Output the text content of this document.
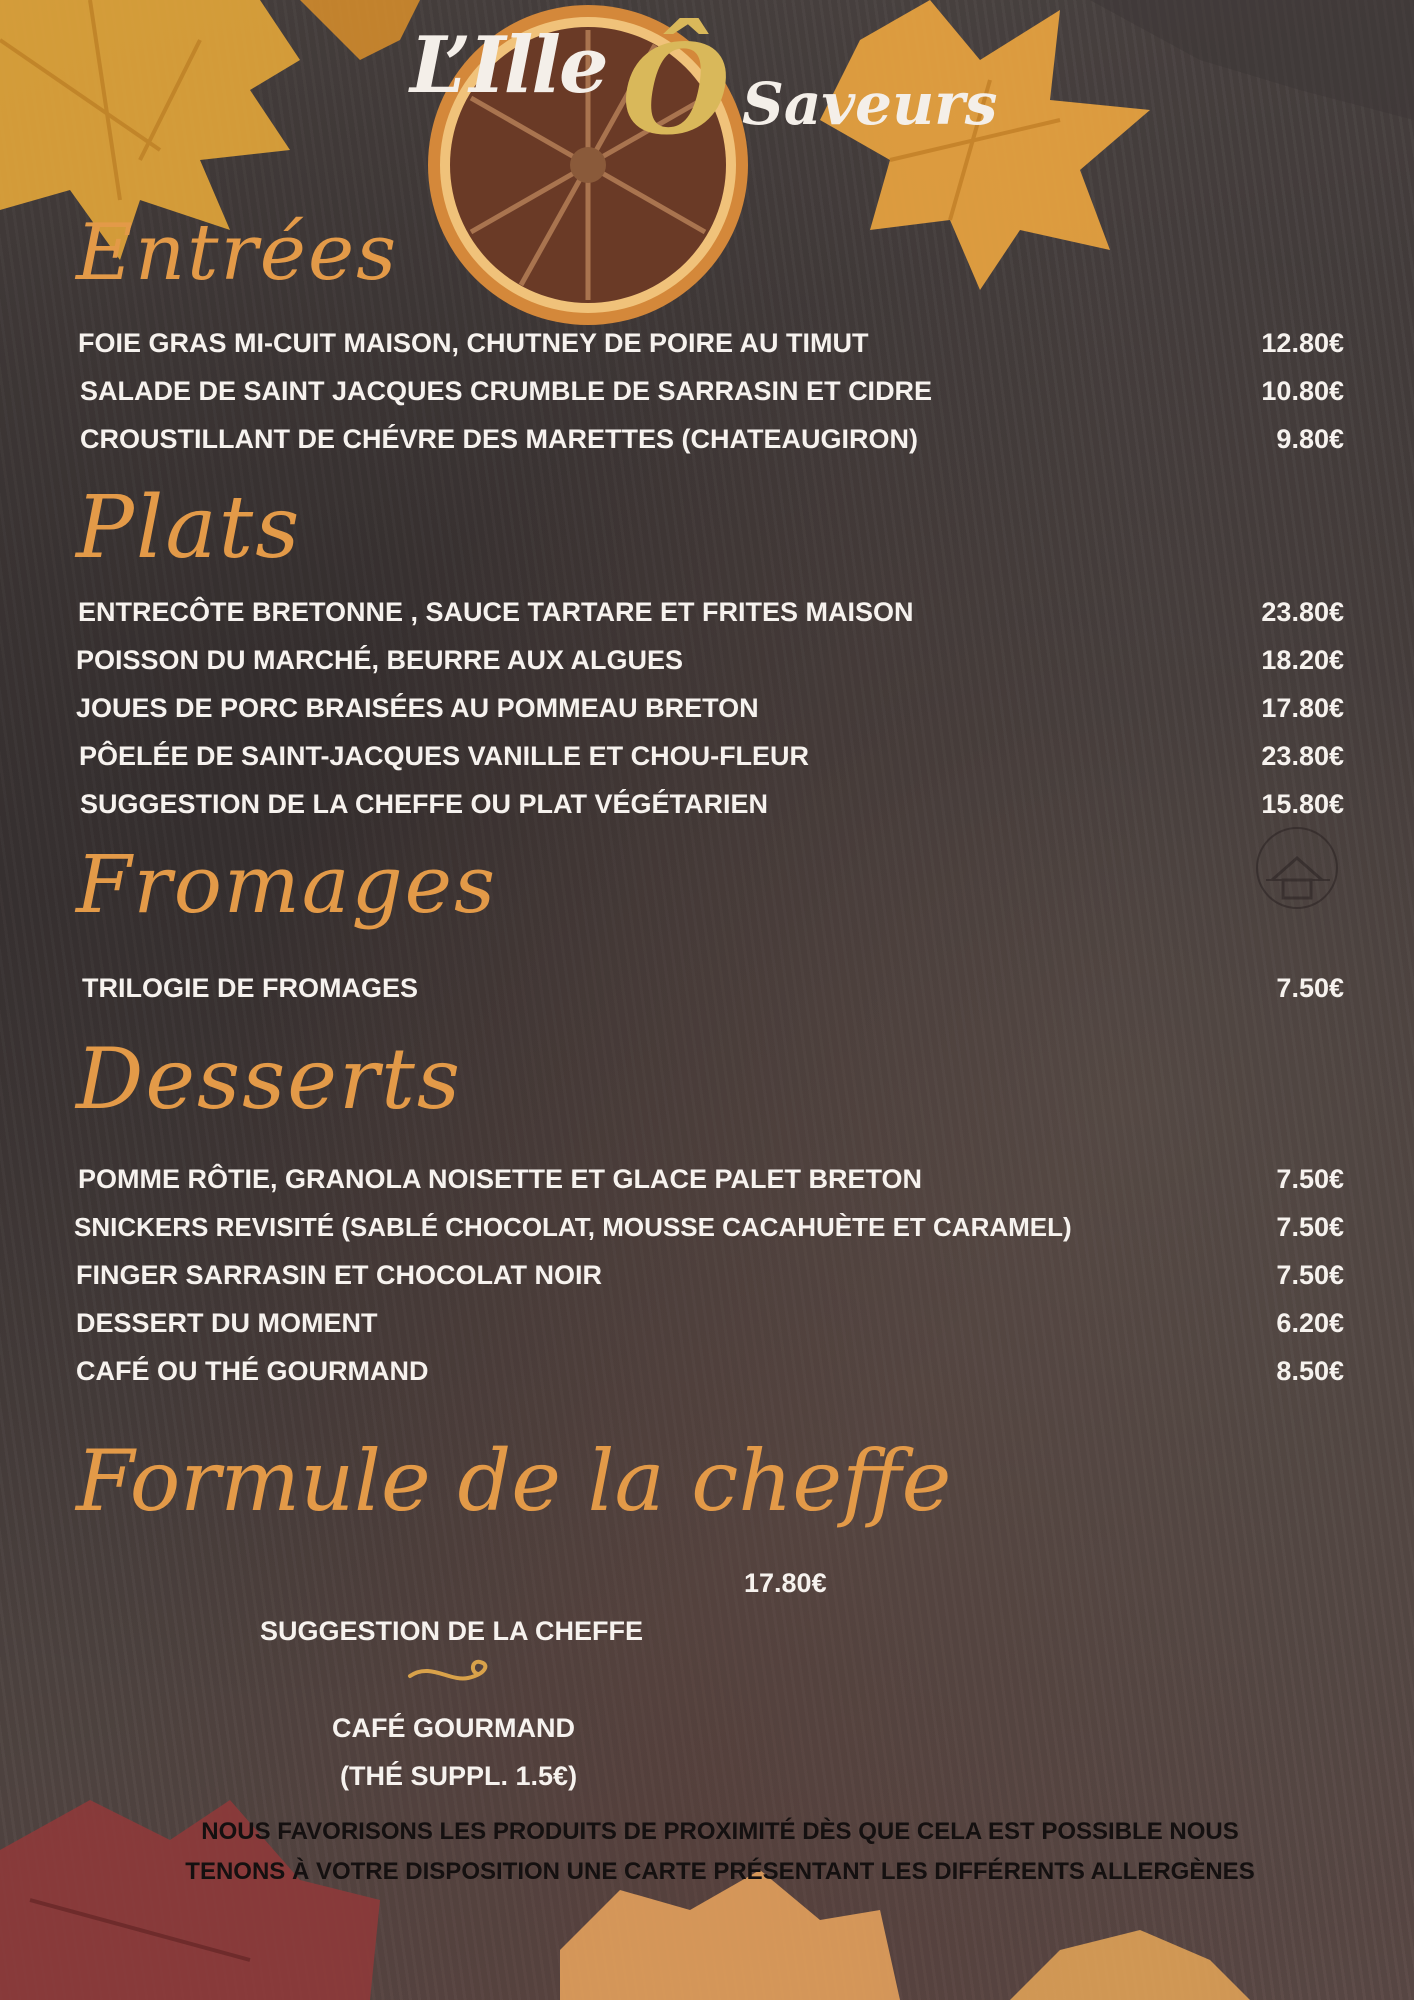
L’Ille Ô Saveurs
Entrées
FOIE GRAS MI-CUIT MAISON, CHUTNEY DE POIRE AU TIMUT	12.80€
SALADE DE SAINT JACQUES CRUMBLE DE SARRASIN ET CIDRE	10.80€
CROUSTILLANT DE CHÉVRE DES MARETTES (CHATEAUGIRON)	9.80€
Plats
ENTRECÔTE BRETONNE , SAUCE TARTARE ET FRITES MAISON	23.80€
POISSON DU MARCHÉ, BEURRE AUX ALGUES	18.20€
JOUES DE PORC BRAISÉES AU POMMEAU BRETON	17.80€
PÔELÉE DE SAINT-JACQUES VANILLE ET CHOU-FLEUR	23.80€
SUGGESTION DE LA CHEFFE OU PLAT VÉGÉTARIEN	15.80€
Fromages
TRILOGIE DE FROMAGES	7.50€
Desserts
POMME RÔTIE, GRANOLA NOISETTE ET GLACE PALET BRETON	7.50€
SNICKERS REVISITÉ (SABLÉ CHOCOLAT, MOUSSE CACAHUÈTE ET CARAMEL)	7.50€
FINGER SARRASIN ET CHOCOLAT NOIR	7.50€
DESSERT DU MOMENT	6.20€
CAFÉ OU THÉ GOURMAND	8.50€
Formule de la cheffe
17.80€
SUGGESTION DE LA CHEFFE
CAFÉ GOURMAND
(THÉ SUPPL. 1.5€)
NOUS FAVORISONS LES PRODUITS DE PROXIMITÉ DÈS QUE CELA EST POSSIBLE NOUS
TENONS À VOTRE DISPOSITION UNE CARTE PRÉSENTANT LES DIFFÉRENTS ALLERGÈNES
